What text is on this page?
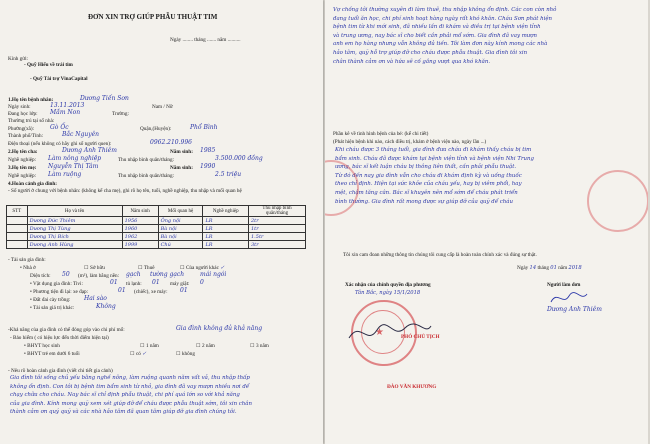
ĐƠN XIN TRỢ GIÚP PHẪU THUẬT TIM
Ngày ........ tháng ....... năm ..........
Kính gửi:
- Quỹ Hiếu về trái tim
- Quỹ Tài trợ VinaCapital
1.Họ tên bệnh nhân:	Dương Tiến Sơn
Ngày sinh:	13.11.2013	Nam / Nữ
Đang học lớp: Mầm Non	Trường:
Thường trú tại số nhà:
Phường(xã):	Gò Ốc	Quận,(Huyện):	Phổ Bình
Thành phố/Tỉnh:	Bắc Nguyên
Điện thoại (nếu không có hãy ghi số người quen):	0962.210.996
2.Họ tên cha:	Dương Anh Thiêm	Năm sinh: 1985
Nghề nghiệp: Làm nông nghiệp	Thu nhập bình quân/tháng:	3.500.000 đồng
3.Họ tên mẹ: Nguyễn Thị Tâm	Năm sinh: 1990
Nghề nghiệp: Làm ruộng	Thu nhập bình quân/tháng:	2.5 triệu
4.Hoàn cảnh gia đình:
- Số người ở chung với bệnh nhân: (không kể cha mẹ), ghi rõ họ tên, tuổi, nghề nghiệp, thu nhập và mối quan hệ
STT	Họ và tên	Năm sinh	Mối quan hệ	Nghề nghiệp	Thu nhập bình quân/tháng
	Dương Đức Thiêm	1956	Ông nội	LR	2tr
	Dương Thị Tùng	1960	Bà nội	LR	1tr
	Dương Thị Bích	1962	Bà nội	LR	1.5tr
	Dương Anh Hùng	1999	Chú	LR	3tr
- Tài sản gia đình:
• Nhà ở	☐ Sở hữu	☐ Thuê	☐ Của người khác ✓
Diện tích: 50 (m²), làm bằng nền: gạch tường gạch	mái ngói
• Vật dụng gia đình: Tivi:	01 tủ lạnh: 01 máy giặt: 0
• Phương tiện đi lại: xe đạp:	01 (chiếc), xe máy: 01
• Đất đai cày trồng: Hai sào
• Tài sản giá trị khác:	Không
-Khả năng của gia đình có thể đóng góp vào chi phí mổ:	Gia đình không đủ khả năng
- Bảo hiểm ( có hiệu lực đến thời điểm hiện tại)
• BHYT học sinh	☐ 1 năm	☐ 2 năm	☐ 3 năm
• BHYT trẻ em dưới 6 tuổi	☐ có ✓	☐ không
- Nêu rõ hoàn cảnh gia đình (viết chi tiết gia cảnh)
Gia đình tôi sống chủ yếu bằng nghề nông, làm ruộng quanh năm vất vả, thu nhập thấp
không ổn định. Con tôi bị bệnh tim bẩm sinh từ nhỏ, gia đình đã vay mượn nhiều nơi để
chạy chữa cho cháu. Nay bác sĩ chỉ định phẫu thuật, chi phí quá lớn so với khả năng
của gia đình. Kính mong quỹ xem xét giúp đỡ để cháu được phẫu thuật sớm, tôi xin chân
thành cảm ơn quý quỹ và các nhà hảo tâm đã quan tâm giúp đỡ gia đình chúng tôi.
Vợ chồng tôi thường xuyên đi làm thuê, thu nhập không ổn định. Các con còn nhỏ
đang tuổi ăn học, chi phí sinh hoạt hàng ngày rất khó khăn. Cháu Sơn phát hiện
bệnh tim từ khi mới sinh, đã nhiều lần đi khám và điều trị tại bệnh viện tỉnh
và trung ương, nay bác sĩ cho biết cần phải mổ sớm. Gia đình đã vay mượn
anh em họ hàng nhưng vẫn không đủ tiền. Tôi làm đơn này kính mong các nhà
hảo tâm, quỹ hỗ trợ giúp đỡ cho cháu được phẫu thuật. Gia đình tôi xin
chân thành cảm ơn và hứa sẽ cố gắng vượt qua khó khăn.
Phần kê về tình hình bệnh của bé: (kể chi tiết)
(Phát hiện bệnh khi nào, cách điều trị, khám ở bệnh viện nào, ngày lần ...)
Khi cháu được 3 tháng tuổi, gia đình đưa cháu đi khám thấy cháu bị tim
bẩm sinh. Cháu đã được khám tại bệnh viện tỉnh và bệnh viện Nhi Trung
ương, bác sĩ kết luận cháu bị thông liên thất, cần phải phẫu thuật.
Từ đó đến nay gia đình vẫn cho cháu đi khám định kỳ và uống thuốc
theo chỉ định. Hiện tại sức khỏe của cháu yếu, hay bị viêm phổi, hay
mệt, chậm tăng cân. Bác sĩ khuyên nên mổ sớm để cháu phát triển
bình thường. Gia đình rất mong được sự giúp đỡ của quỹ để cháu
Tôi xin cam đoan những thông tin chúng tôi cung cấp là hoàn toàn chính xác và đúng sự thật.
Ngày 14 tháng 01 năm 2018
Xác nhận của chính quyền địa phương
Tân Bắc, ngày 15/1/2018
Người làm đơn
★	PHÓ CHỦ TỊCH
ĐÀO VĂN KHƯƠNG
Dương Anh Thiêm
